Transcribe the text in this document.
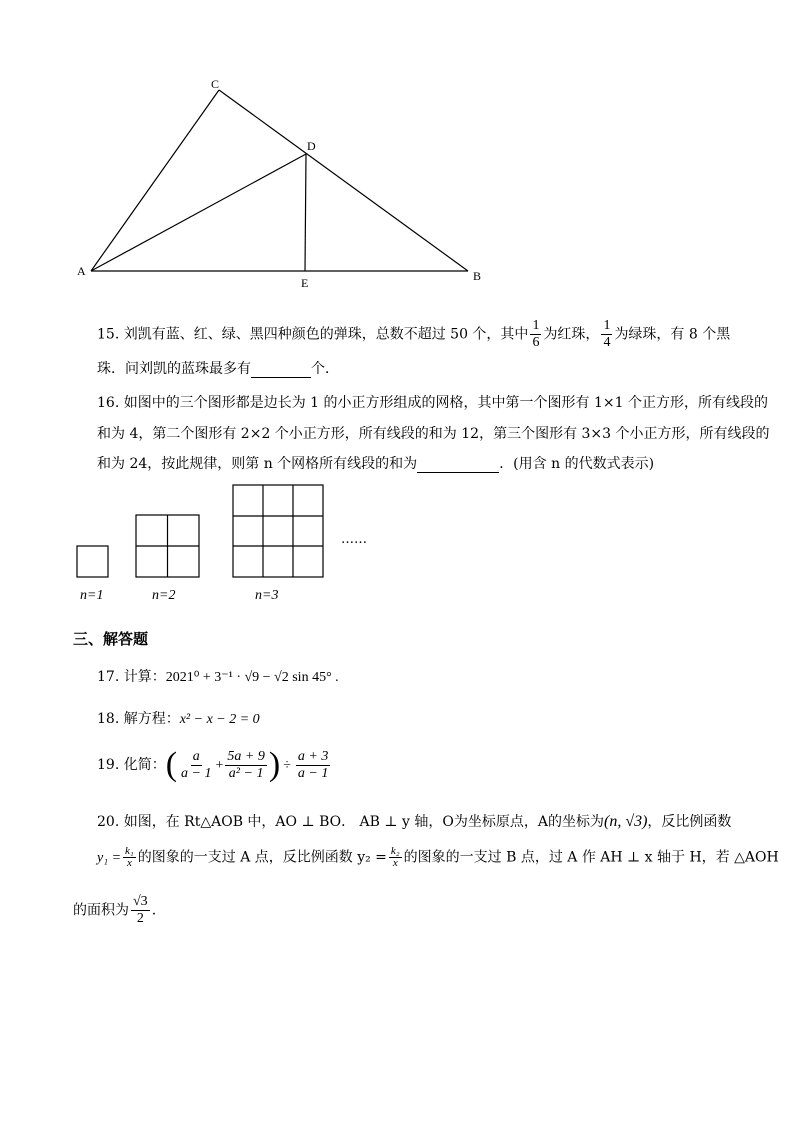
A	B
C
D
E
15. 刘凯有蓝、红、绿、黑四种颜色的弹珠，总数不超过 50 个，其中 $\frac{1}{6}$ 为红珠， $\frac{1}{4}$ 为绿珠，有 8 个黑
珠．问刘凯的蓝珠最多有	个．
16. 如图中的三个图形都是边长为 1 的小正方形组成的网格，其中第一个图形有 1×1 个正方形，所有线段的
和为 4，第二个图形有 2×2 个小正方形，所有线段的和为 12，第三个图形有 3×3 个小正方形，所有线段的
和为 24，按此规律，则第 n 个网格所有线段的和为	．(用含 n 的代数式表示)
……
n=1	n=2	n=3
三、解答题
17. 计算：2021⁰ + 3⁻¹ · √9 − √2 sin 45° .
18. 解方程：x² − x − 2 = 0
19. 化简：( $\frac{a}{a - 1} + \frac{5a + 9}{\text{a² − 1}}$ ) ÷ $\frac{a + 3}{a - 1}$
20. 如图，在 Rt△AOB 中，AO ⊥ BO． AB ⊥ y 轴，O为坐标原点，A的坐标为(n, √3)，反比例函数
$y_1 = \frac{\text{k₁}}{x}$ 的图象的一支过 A 点，反比例函数 $y_2 = \frac{\text{k₂}}{x}$ 的图象的一支过 B 点，过 A 作 AH ⊥ x 轴于 H，若 △AOH
的面积为 $\frac{√3}{2}$ .
